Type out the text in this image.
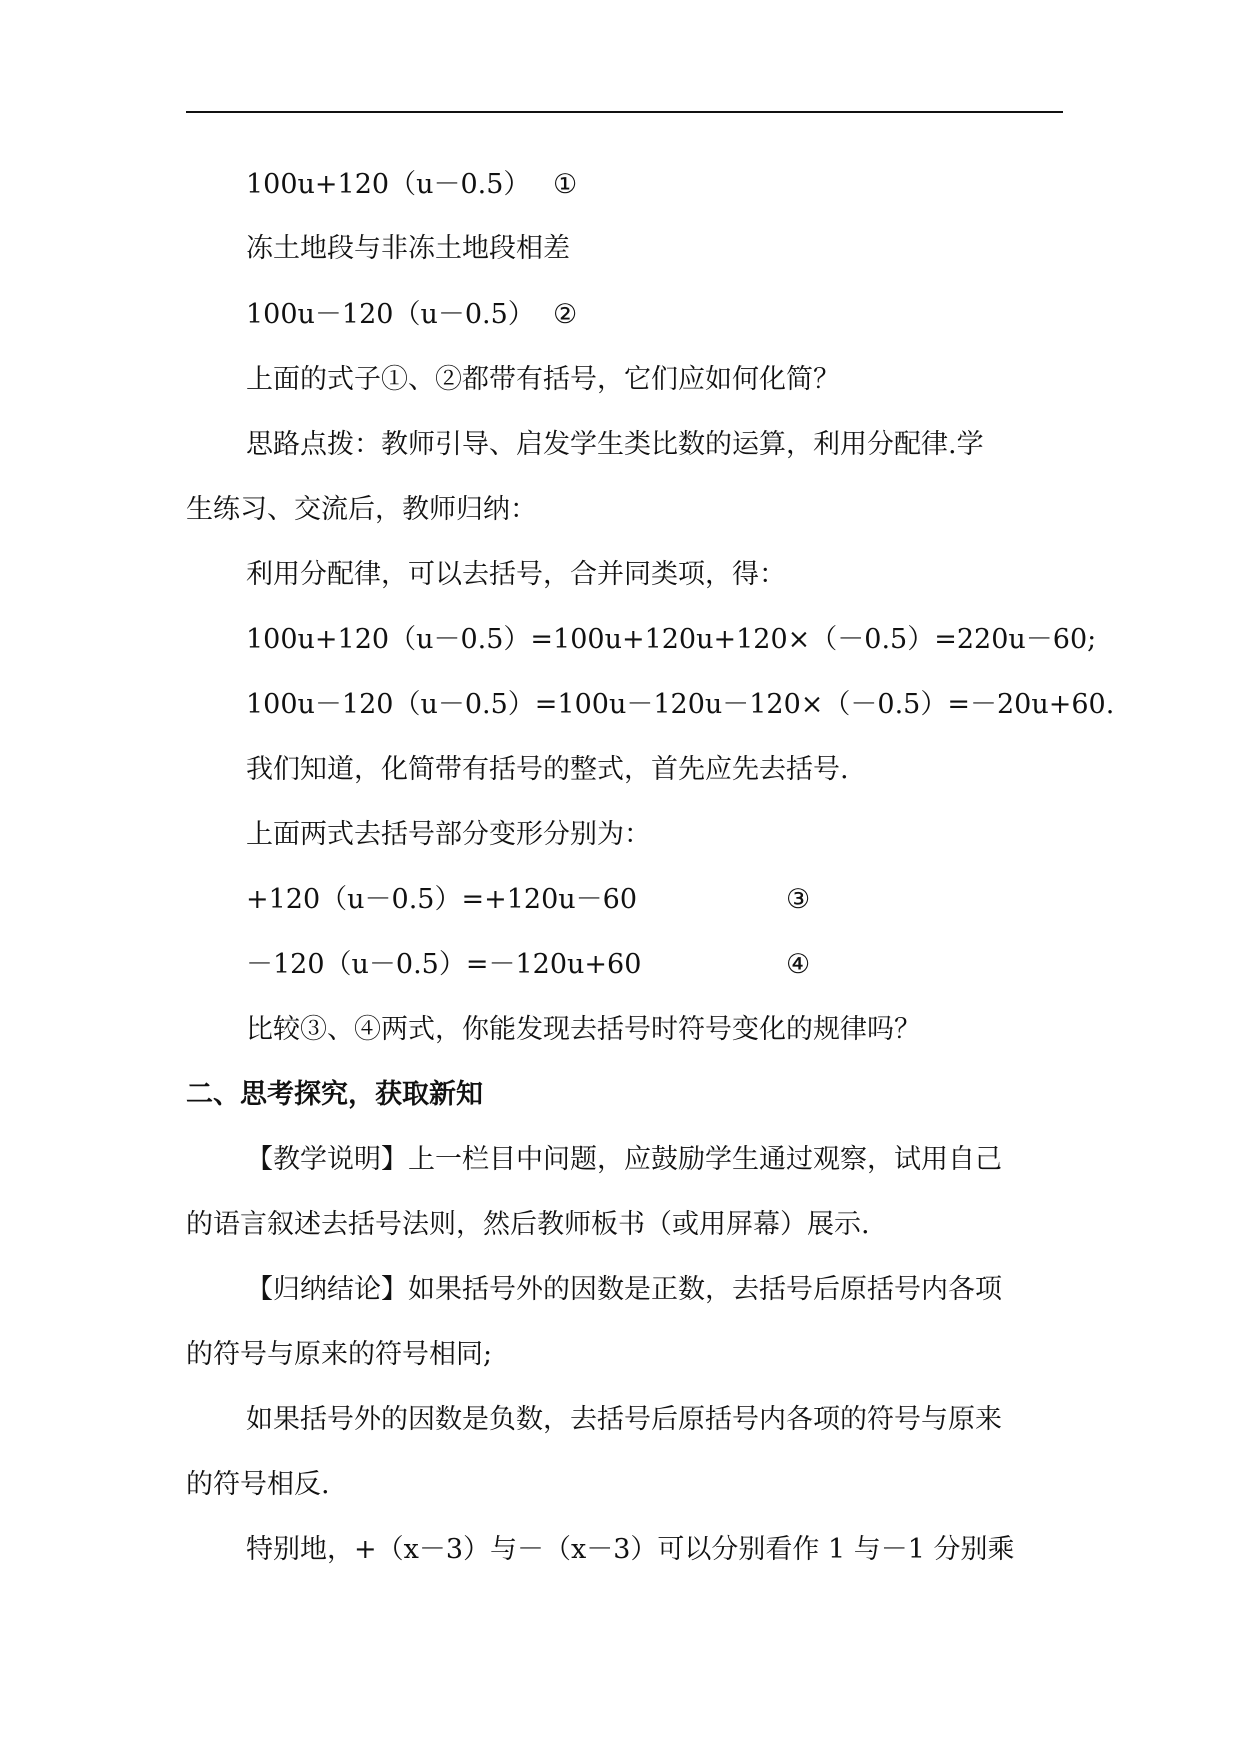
100u+120（u－0.5） ①
冻土地段与非冻土地段相差
100u－120（u－0.5） ②
上面的式子①、②都带有括号，它们应如何化简？
思路点拨：教师引导、启发学生类比数的运算，利用分配律.学
生练习、交流后，教师归纳：
利用分配律，可以去括号，合并同类项，得：
100u+120（u－0.5）=100u+120u+120×（－0.5）=220u－60;
100u－120（u－0.5）=100u－120u－120×（－0.5）=－20u+60.
我们知道，化简带有括号的整式，首先应先去括号.
上面两式去括号部分变形分别为：
+120（u－0.5）=+120u－60	③
－120（u－0.5）=－120u+60	④
比较③、④两式，你能发现去括号时符号变化的规律吗？
二、思考探究，获取新知
【教学说明】上一栏目中问题，应鼓励学生通过观察，试用自己
的语言叙述去括号法则，然后教师板书（或用屏幕）展示.
【归纳结论】如果括号外的因数是正数，去括号后原括号内各项
的符号与原来的符号相同;
如果括号外的因数是负数，去括号后原括号内各项的符号与原来
的符号相反.
特别地，+（x－3）与－（x－3）可以分别看作 1 与－1 分别乘
